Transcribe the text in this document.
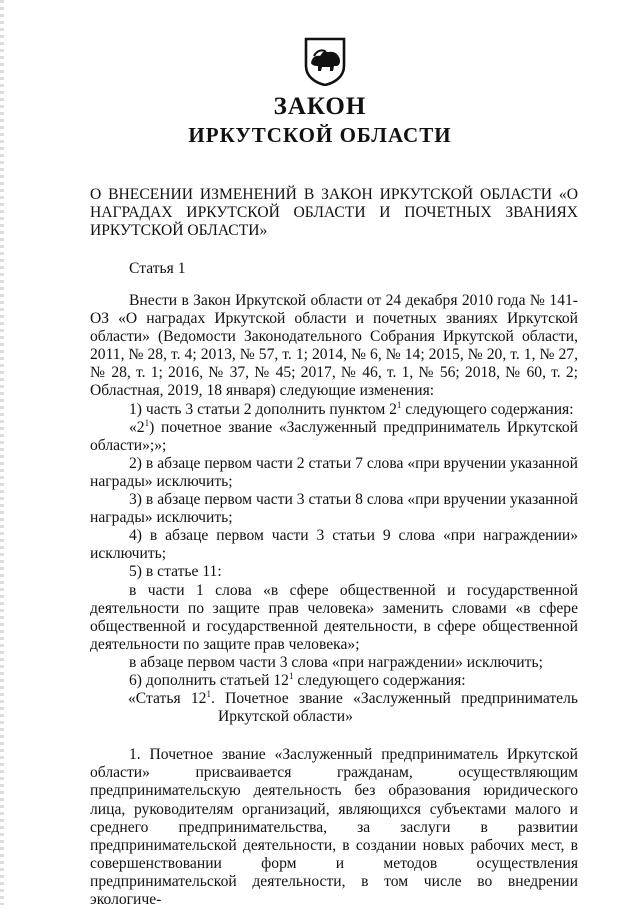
ЗАКОН
ИРКУТСКОЙ ОБЛАСТИ
О ВНЕСЕНИИ ИЗМЕНЕНИЙ В ЗАКОН ИРКУТСКОЙ ОБЛАСТИ «О НАГРАДАХ ИРКУТСКОЙ ОБЛАСТИ И ПОЧЕТНЫХ ЗВАНИЯХ ИРКУТСКОЙ ОБЛАСТИ»
Статья 1

Внести в Закон Иркутской области от 24 декабря 2010 года № 141-ОЗ «О наградах Иркутской области и почетных званиях Иркутской области» (Ведомости Законодательного Собрания Иркутской области, 2011, № 28, т. 4; 2013, № 57, т. 1; 2014, № 6, № 14; 2015, № 20, т. 1, № 27, № 28, т. 1; 2016, № 37, № 45; 2017, № 46, т. 1, № 56; 2018, № 60, т. 2; Областная, 2019, 18 января) следующие изменения:

1) часть 3 статьи 2 дополнить пунктом $2^1$ следующего содержания:

«$2^1$) почетное звание «Заслуженный предприниматель Иркутской области»;»;

2) в абзаце первом части 2 статьи 7 слова «при вручении указанной награды» исключить;

3) в абзаце первом части 3 статьи 8 слова «при вручении указанной награды» исключить;

4) в абзаце первом части 3 статьи 9 слова «при награждении» исключить;

5) в статье 11:

в части 1 слова «в сфере общественной и государственной деятельности по защите прав человека» заменить словами «в сфере общественной и государственной деятельности, в сфере общественной деятельности по защите прав человека»;

в абзаце первом части 3 слова «при награждении» исключить;

6) дополнить статьей $12^1$ следующего содержания:

«Статья $12^1$. Почетное звание «Заслуженный предприниматель Иркутской области»

1. Почетное звание «Заслуженный предприниматель Иркутской области» присваивается гражданам, осуществляющим предпринимательскую деятельность без образования юридического лица, руководителям организаций, являющихся субъектами малого и среднего предпринимательства, за заслуги в развитии предпринимательской деятельности, в создании новых рабочих мест, в совершенствовании форм и методов осуществления предпринимательской деятельности, в том числе во внедрении экологиче-
